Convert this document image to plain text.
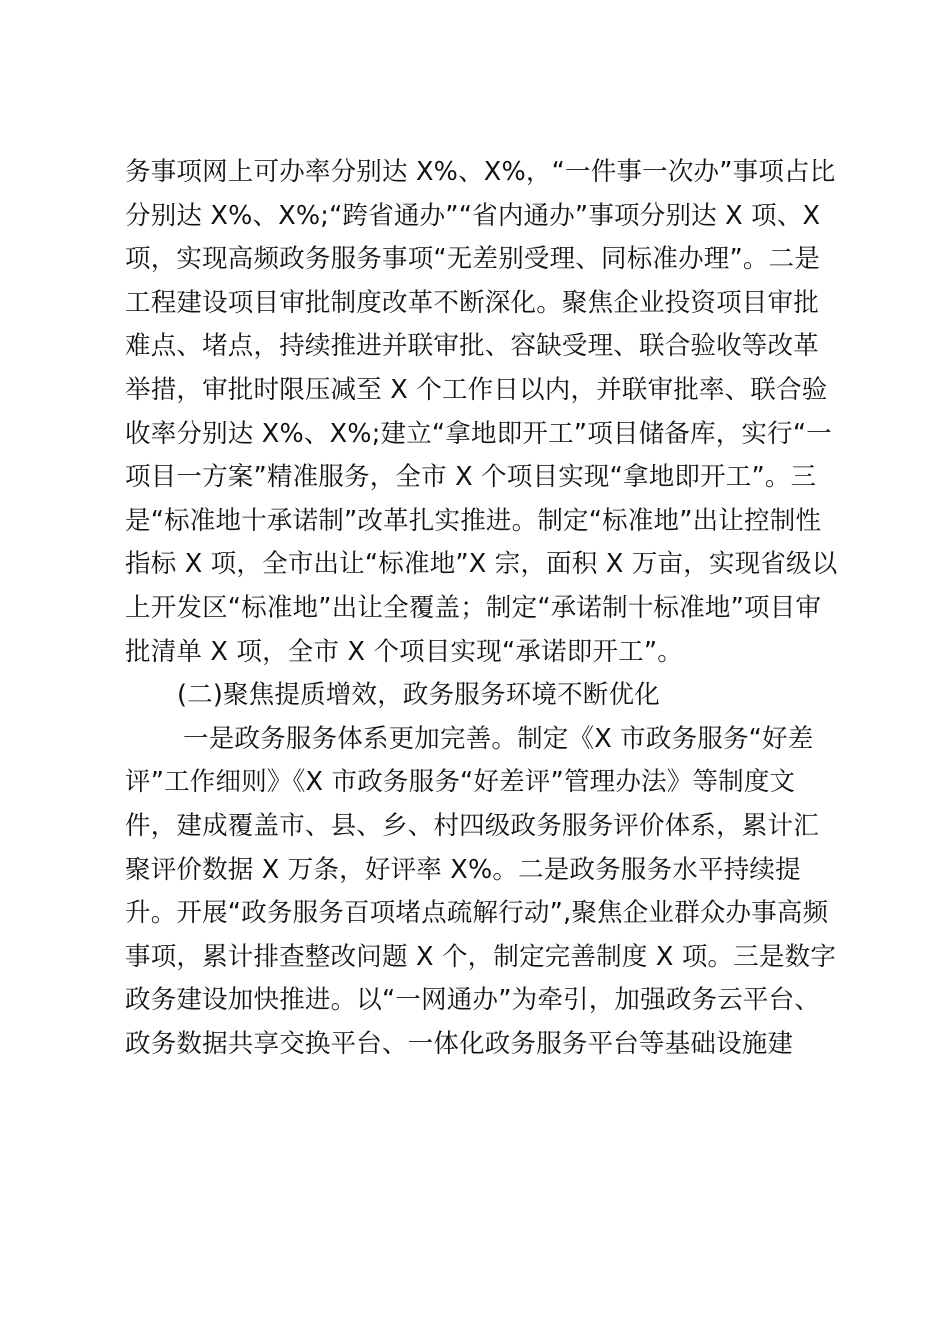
务事项网上可办率分别达 X%、X%，“一件事一次办”事项占比
分别达 X%、X%;“跨省通办”“省内通办”事项分别达 X 项、X
项，实现高频政务服务事项“无差别受理、同标准办理”。二是
工程建设项目审批制度改革不断深化。聚焦企业投资项目审批
难点、堵点，持续推进并联审批、容缺受理、联合验收等改革
举措，审批时限压减至 X 个工作日以内，并联审批率、联合验
收率分别达 X%、X%;建立“拿地即开工”项目储备库，实行“一
项目一方案”精准服务，全市 X 个项目实现“拿地即开工”。三
是“标准地十承诺制”改革扎实推进。制定“标准地”出让控制性
指标 X 项，全市出让“标准地”X 宗，面积 X 万亩，实现省级以
上开发区“标准地”出让全覆盖；制定“承诺制十标准地”项目审
批清单 X 项，全市 X 个项目实现“承诺即开工”。
(二)聚焦提质增效，政务服务环境不断优化
一是政务服务体系更加完善。制定《X 市政务服务“好差
评”工作细则》《X 市政务服务“好差评”管理办法》等制度文
件，建成覆盖市、县、乡、村四级政务服务评价体系，累计汇
聚评价数据 X 万条，好评率 X%。二是政务服务水平持续提
升。开展“政务服务百项堵点疏解行动”,聚焦企业群众办事高频
事项，累计排查整改问题 X 个，制定完善制度 X 项。三是数字
政务建设加快推进。以“一网通办”为牵引，加强政务云平台、
政务数据共享交换平台、一体化政务服务平台等基础设施建
